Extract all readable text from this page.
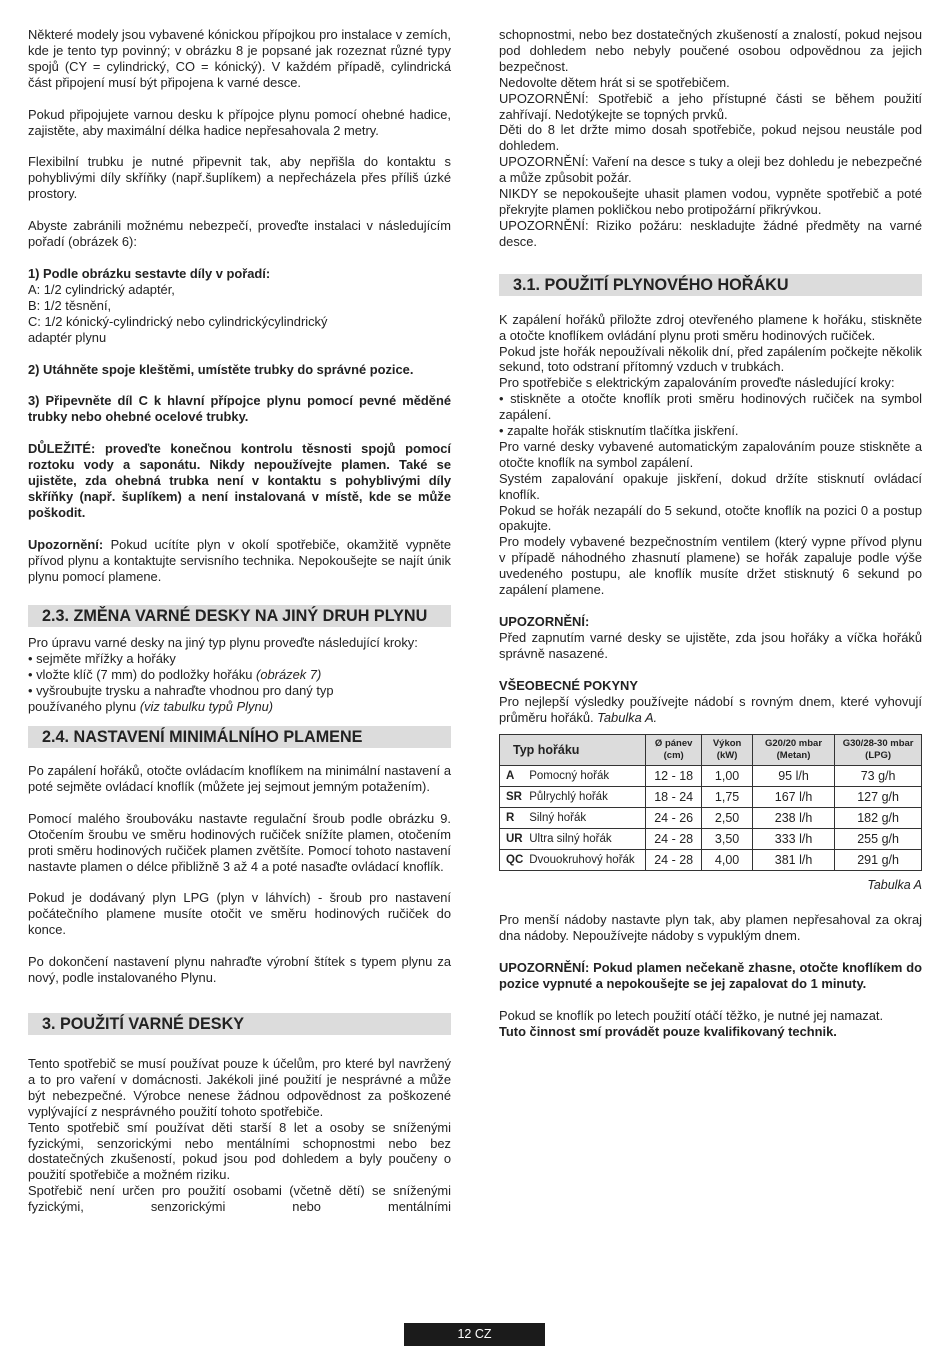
Některé modely jsou vybavené kónickou přípojkou pro instalace v zemích, kde je tento typ povinný; v obrázku 8 je popsané jak rozeznat různé typy spojů (CY = cylindrický, CO = kónický). V každém případě, cylindrická část připojení musí být připojena k varné desce.

Pokud připojujete varnou desku k přípojce plynu pomocí ohebné hadice, zajistěte, aby maximální délka hadice nepřesahovala 2 metry.

Flexibilní trubku je nutné připevnit tak, aby nepřišla do kontaktu s pohyblivými díly skříňky (např.šuplíkem) a nepřecházela přes příliš úzké prostory.

Abyste zabránili možnému nebezpečí, proveďte instalaci v následujícím pořadí (obrázek 6):

1) Podle obrázku sestavte díly v pořadí:

A: 1/2 cylindrický adaptér,

B: 1/2 těsnění,

C: 1/2 kónický-cylindrický nebo cylindrickýcylindrický

adaptér plynu

2) Utáhněte spoje kleštěmi, umístěte trubky do správné pozice.

3) Připevněte díl C k hlavní přípojce plynu pomocí pevné měděné trubky nebo ohebné ocelové trubky.

DŮLEŽITÉ: proveďte konečnou kontrolu těsnosti spojů pomocí roztoku vody a saponátu. Nikdy nepoužívejte plamen. Také se ujistěte, zda ohebná trubka není v kontaktu s pohyblivými díly skříňky (např. šuplíkem) a není instalovaná v místě, kde se může poškodit.

Upozornění: Pokud ucítíte plyn v okolí spotřebiče, okamžitě vypněte přívod plynu a kontaktujte servisního technika. Nepokoušejte se najít únik plynu pomocí plamene.

2.3. ZMĚNA VARNÉ DESKY NA JINÝ DRUH PLYNU

Pro úpravu varné desky na jiný typ plynu proveďte následující kroky:

• sejměte mřížky a hořáky

• vložte klíč (7 mm) do podložky hořáku (obrázek 7)

• vyšroubujte trysku a nahraďte vhodnou pro daný typ

používaného plynu (viz tabulku typů Plynu)

2.4. NASTAVENÍ MINIMÁLNÍHO PLAMENE

Po zapálení hořáků, otočte ovládacím knoflíkem na minimální nastavení a poté sejměte ovládací knoflík (můžete jej sejmout jemným potažením).

Pomocí malého šroubováku nastavte regulační šroub podle obrázku 9. Otočením šroubu ve směru hodinových ručiček snížíte plamen, otočením proti směru hodinových ručiček plamen zvětšíte. Pomocí tohoto nastavení nastavte plamen o délce přibližně 3 až 4 a poté nasaďte ovládací knoflík.

Pokud je dodávaný plyn LPG (plyn v láhvích) - šroub pro nastavení počátečního plamene musíte otočit ve směru hodinových ručiček do konce.

Po dokončení nastavení plynu nahraďte výrobní štítek s typem plynu za nový, podle instalovaného Plynu.

3. POUŽITÍ VARNÉ DESKY

Tento spotřebič se musí používat pouze k účelům, pro které byl navržený a to pro vaření v domácnosti. Jakékoli jiné použití je nesprávné a může být nebezpečné. Výrobce nenese žádnou odpovědnost za poškozené vyplývající z nesprávného použití tohoto spotřebiče.

Tento spotřebič smí používat děti starší 8 let a osoby se sníženými fyzickými, senzorickými nebo mentálními schopnostmi nebo bez dostatečných zkušeností, pokud jsou pod dohledem a byly poučeny o použití spotřebiče a možném riziku.

Spotřebič není určen pro použití osobami (včetně dětí) se sníženými fyzickými, senzorickými nebo mentálními

schopnostmi, nebo bez dostatečných zkušeností a znalostí, pokud nejsou pod dohledem nebo nebyly poučené osobou odpovědnou za jejich bezpečnost.

Nedovolte dětem hrát si se spotřebičem.

UPOZORNĚNÍ: Spotřebič a jeho přístupné části se během použití zahřívají. Nedotýkejte se topných prvků.

Děti do 8 let držte mimo dosah spotřebiče, pokud nejsou neustále pod dohledem.

UPOZORNĚNÍ: Vaření na desce s tuky a oleji bez dohledu je nebezpečné a může způsobit požár.

NIKDY se nepokoušejte uhasit plamen vodou, vypněte spotřebič a poté překryjte plamen pokličkou nebo protipožární přikrývkou.

UPOZORNĚNÍ: Riziko požáru: neskladujte žádné předměty na varné desce.

3.1. POUŽITÍ PLYNOVÉHO HOŘÁKU

K zapálení hořáků přiložte zdroj otevřeného plamene k hořáku, stiskněte a otočte knoflíkem ovládání plynu proti směru hodinových ručiček.

Pokud jste hořák nepoužívali několik dní, před zapálením počkejte několik sekund, toto odstraní přítomný vzduch v trubkách.

Pro spotřebiče s elektrickým zapalováním proveďte následující kroky:

• stiskněte a otočte knoflík proti směru hodinových ručiček na symbol zapálení.

• zapalte hořák stisknutím tlačítka jiskření.

Pro varné desky vybavené automatickým zapalováním pouze stiskněte a otočte knoflík na symbol zapálení.

Systém zapalování opakuje jiskření, dokud držíte stisknutí ovládací knoflík.

Pokud se hořák nezapálí do 5 sekund, otočte knoflík na pozici 0 a postup opakujte.

Pro modely vybavené bezpečnostním ventilem (který vypne přívod plynu v případě náhodného zhasnutí plamene) se hořák zapaluje podle výše uvedeného postupu, ale knoflík musíte držet stisknutý 6 sekund po zapálení plamene.

UPOZORNĚNÍ:

Před zapnutím varné desky se ujistěte, zda jsou hořáky a víčka hořáků správně nasazené.

VŠEOBECNÉ POKYNY

Pro nejlepší výsledky používejte nádobí s rovným dnem, které vyhovují průměru hořáků. Tabulka A.

Typ hořáku	Ø pánev (cm)	Výkon (kW)	G20/20 mbar (Metan)	G30/28-30 mbar (LPG)
A Pomocný hořák	12 - 18	1,00	95 l/h	73 g/h
SR Půlrychlý hořák	18 - 24	1,75	167 l/h	127 g/h
R Silný hořák	24 - 26	2,50	238 l/h	182 g/h
UR Ultra silný hořák	24 - 28	3,50	333 l/h	255 g/h
QC Dvouokruhový hořák	24 - 28	4,00	381 l/h	291 g/h
Tabulka A

Pro menší nádoby nastavte plyn tak, aby plamen nepřesahoval za okraj dna nádoby. Nepoužívejte nádoby s vypuklým dnem.

UPOZORNĚNÍ: Pokud plamen nečekaně zhasne, otočte knoflíkem do pozice vypnuté a nepokoušejte se jej zapalovat do 1 minuty.

Pokud se knoflík po letech použití otáčí těžko, je nutné jej namazat.

Tuto činnost smí provádět pouze kvalifikovaný technik.

12 CZ
